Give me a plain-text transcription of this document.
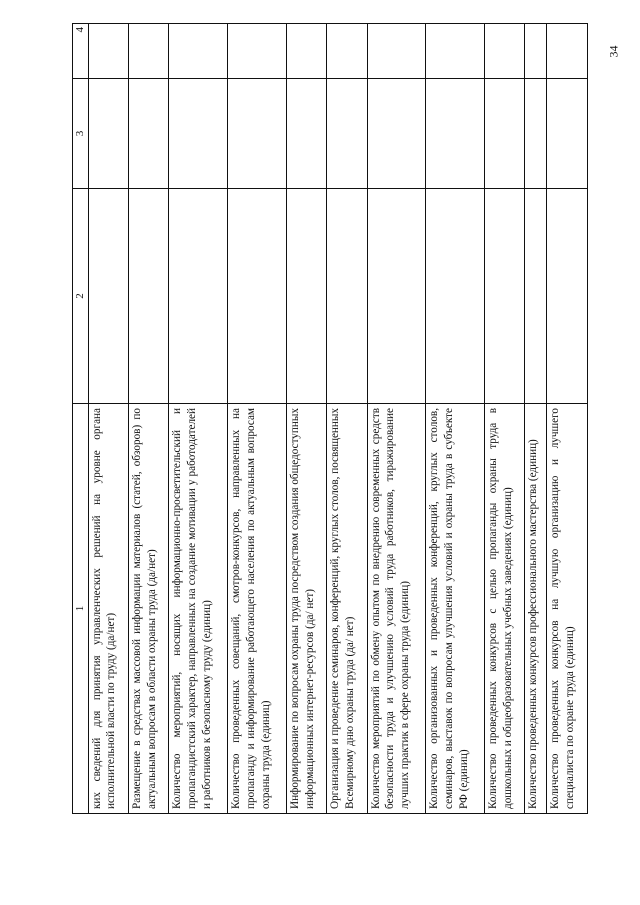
34
1	2	3	4
ких сведений для принятия управленческих решений на уровне органа исполнительной власти по труду (да/нет)			
Размещение в средствах массовой информации материалов (статей, обзоров) по актуальным вопросам в области охраны труда (да/нет)			
Количество мероприятий, носящих информационно-просветительский и пропагандистский характер, направленных на создание мотивации у работодателей и работников к безопасному труду (единиц)			
Количество проведенных совещаний, смотров-конкурсов, направленных на пропаганду и информирование работающего населения по актуальным вопросам охраны труда (единиц)			
Информирование по вопросам охраны труда посредством создания общедоступных информационных интернет-ресурсов (да/ нет)			
Организация и проведение семинаров, конференций, круглых столов, посвященных Всемирному дню охраны труда (да/ нет)			
Количество мероприятий по обмену опытом по внедрению современных средств безопасности труда и улучшению условий труда работников, тиражирование лучших практик в сфере охраны труда (единиц)			
Количество организованных и проведенных конференций, круглых столов, семинаров, выставок по вопросам улучшения условий и охраны труда в субъекте РФ (единиц)			
Количество проведенных конкурсов с целью пропаганды охраны труда в дошкольных и общеобразовательных учебных заведениях (единиц)			
Количество проведенных конкурсов профессионального мастерства (единиц)			
Количество проведенных конкурсов на лучшую организацию и лучшего специалиста по охране труда (единиц)			
